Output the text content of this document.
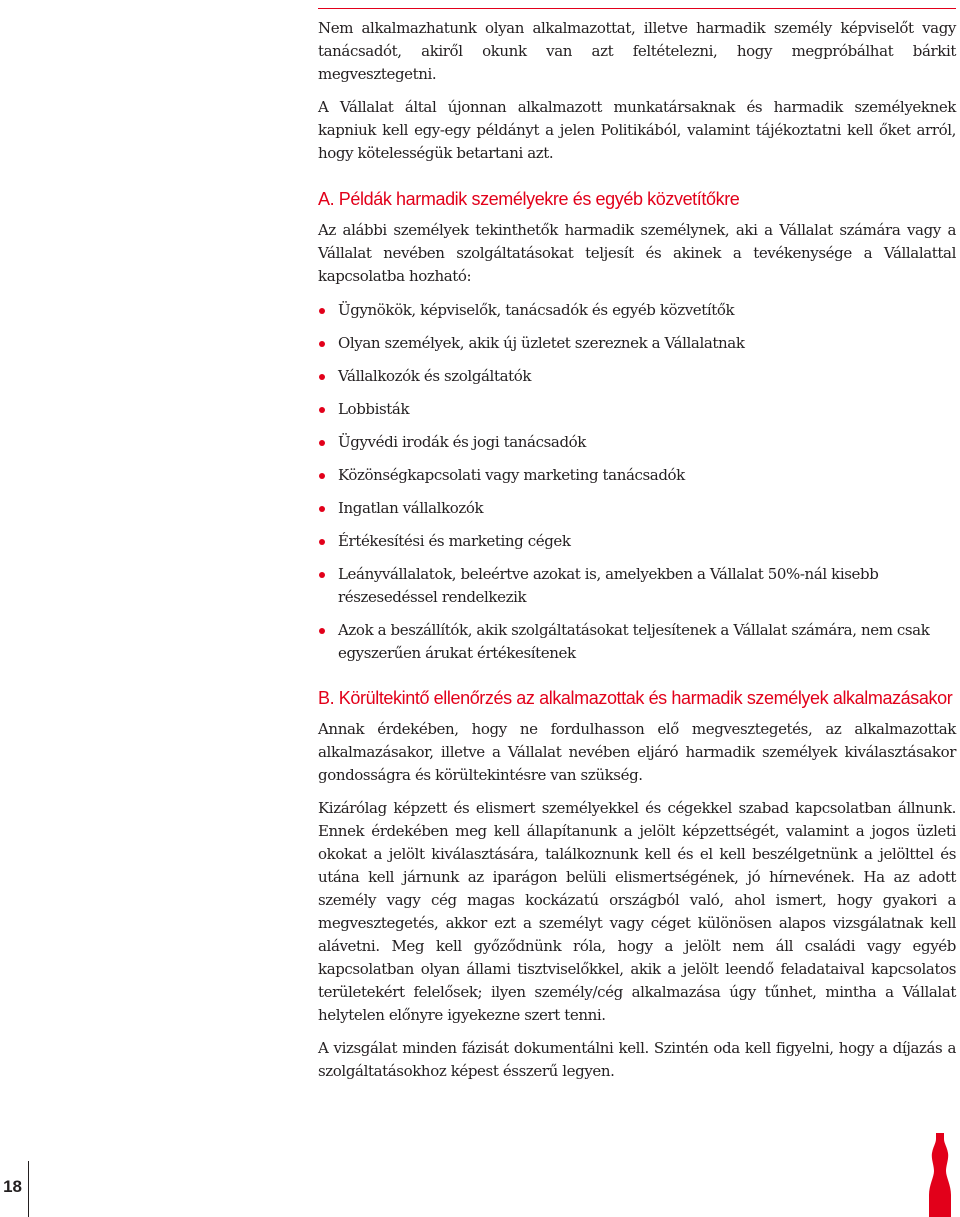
Nem alkalmazhatunk olyan alkalmazottat, illetve harmadik személy képviselőt vagy tanácsadót, akiről okunk van azt feltételezni, hogy megpróbálhat bárkit megvesztegetni.

A Vállalat által újonnan alkalmazott munkatársaknak és harmadik személyeknek kapniuk kell egy-egy példányt a jelen Politikából, valamint tájékoztatni kell őket arról, hogy kötelességük betartani azt.

A. Példák harmadik személyekre és egyéb közvetítőkre

Az alábbi személyek tekinthetők harmadik személynek, aki a Vállalat számára vagy a Vállalat nevében szolgáltatásokat teljesít és akinek a tevékenysége a Vállalattal kapcsolatba hozható:

Ügynökök, képviselők, tanácsadók és egyéb közvetítők
Olyan személyek, akik új üzletet szereznek a Vállalatnak
Vállalkozók és szolgáltatók
Lobbisták
Ügyvédi irodák és jogi tanácsadók
Közönségkapcsolati vagy marketing tanácsadók
Ingatlan vállalkozók
Értékesítési és marketing cégek
Leányvállalatok, beleértve azokat is, amelyekben a Vállalat 50%-nál kisebb részesedéssel rendelkezik
Azok a beszállítók, akik szolgáltatásokat teljesítenek a Vállalat számára, nem csak egyszerűen árukat értékesítenek
B. Körültekintő ellenőrzés az alkalmazottak és harmadik személyek alkalmazásakor

Annak érdekében, hogy ne fordulhasson elő megvesztegetés, az alkalmazottak alkalmazásakor, illetve a Vállalat nevében eljáró harmadik személyek kiválasztásakor gondosságra és körültekintésre van szükség.

Kizárólag képzett és elismert személyekkel és cégekkel szabad kapcsolatban állnunk. Ennek érdekében meg kell állapítanunk a jelölt képzettségét, valamint a jogos üzleti okokat a jelölt kiválasztására, találkoznunk kell és el kell beszélgetnünk a jelölttel és utána kell járnunk az iparágon belüli elismertségének, jó hírnevének. Ha az adott személy vagy cég magas kockázatú országból való, ahol ismert, hogy gyakori a megvesztegetés, akkor ezt a személyt vagy céget különösen alapos vizsgálatnak kell alávetni. Meg kell győződnünk róla, hogy a jelölt nem áll családi vagy egyéb kapcsolatban olyan állami tisztviselőkkel, akik a jelölt leendő feladataival kapcsolatos területekért felelősek; ilyen személy/cég alkalmazása úgy tűnhet, mintha a Vállalat helytelen előnyre igyekezne szert tenni.

A vizsgálat minden fázisát dokumentálni kell. Szintén oda kell figyelni, hogy a díjazás a szolgáltatásokhoz képest ésszerű legyen.

18
